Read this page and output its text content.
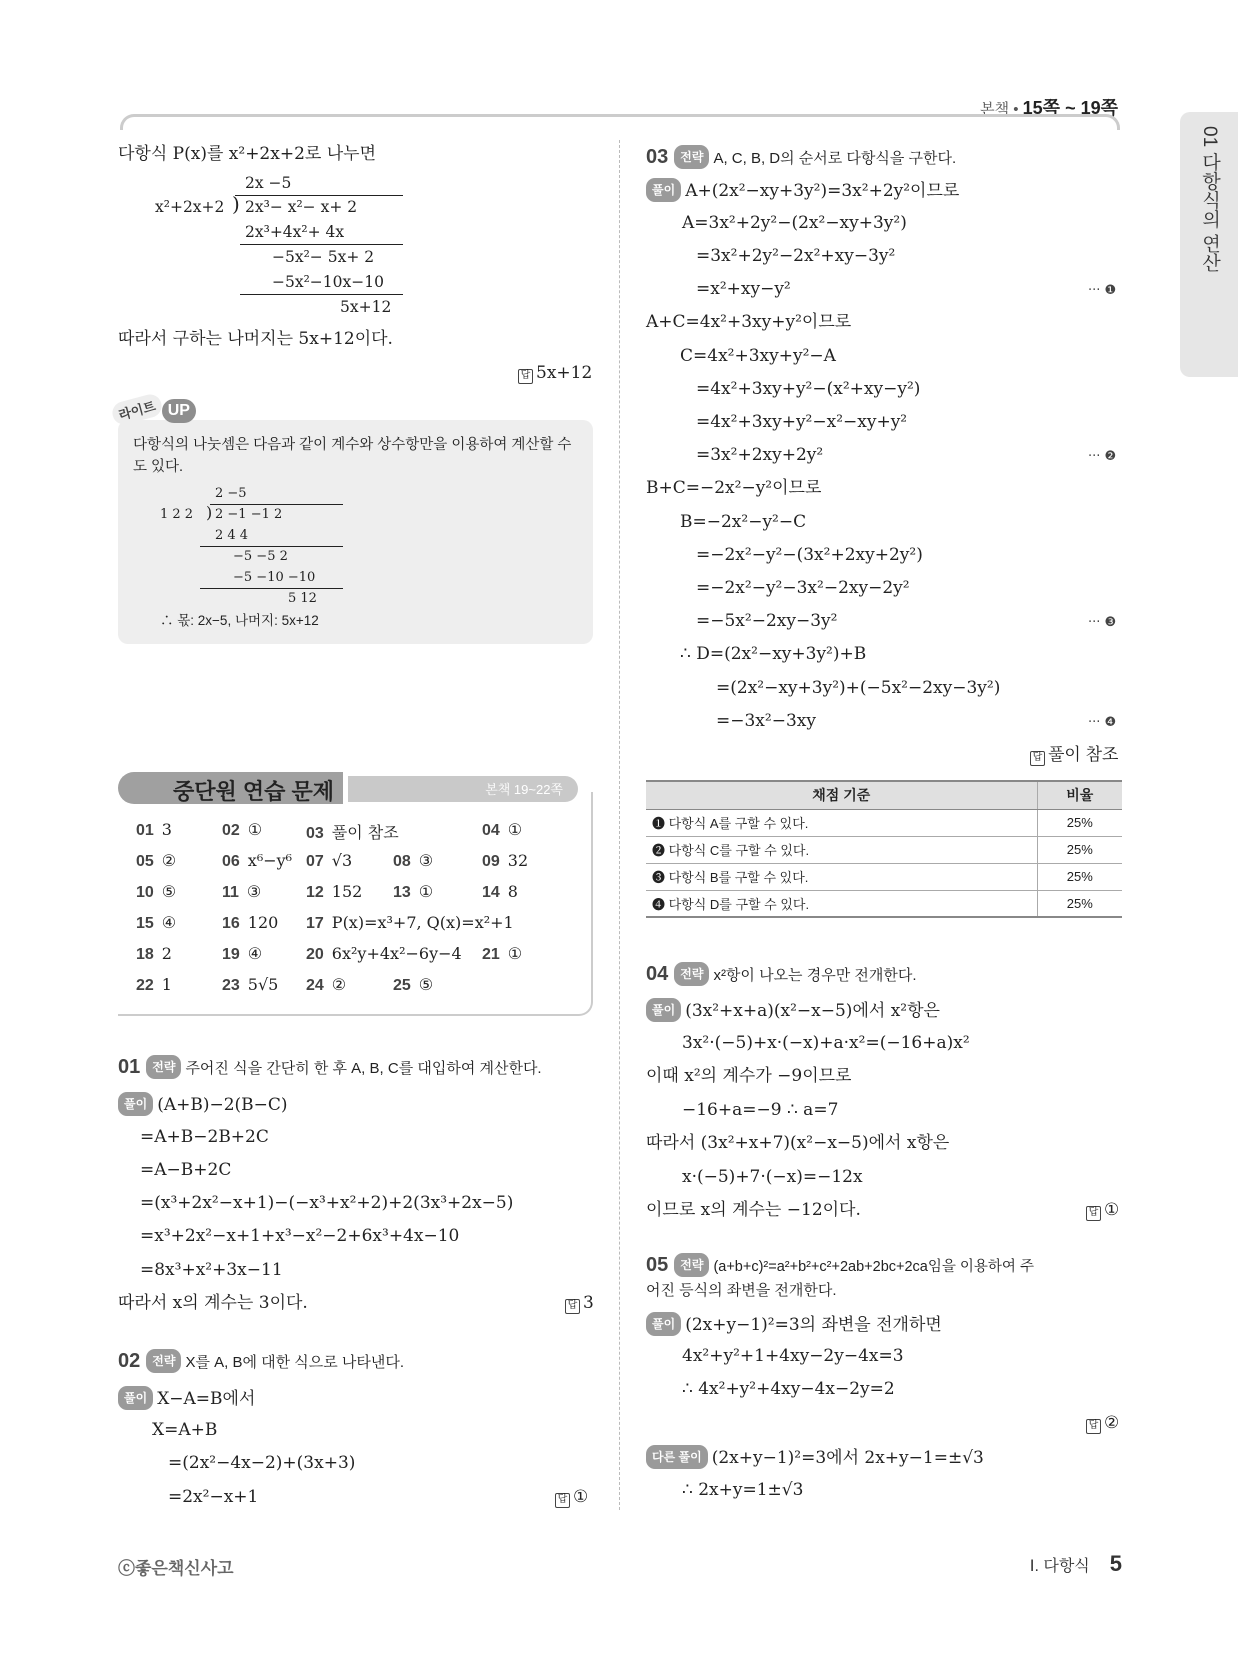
본책 • 15쪽 ~ 19쪽
01 다항식의 연산
다항식 P(x)를 x²+2x+2로 나누면
2x −5
x²+2x+2 ) 2x³− x²− x+ 2
2x³+4x²+ 4x
−5x²− 5x+ 2
−5x²−10x−10
5x+12
따라서 구하는 나머지는 5x+12이다.
답 5x+12
라이트 UP
다항식의 나눗셈은 다음과 같이 계수와 상수항만을 이용하여 계산할 수도 있다.
2 −5
1 2 2 ) 2 −1 −1 2
2 4 4
−5 −5 2
−5 −10 −10
5 12
∴ 몫: 2x−5, 나머지: 5x+12
중단원 연습 문제	본책 19~22쪽
01 3	02 ①	03 풀이 참조	04 ①
05 ②	06 x⁶−y⁶ 07 √3	08 ③	09 32
10 ⑤	11 ③	12 152 13 ①	14 8
15 ④	16 120 17 P(x)=x³+7, Q(x)=x²+1
18 2	19 ④	20 6x²y+4x²−6y−4 21 ①
22 1	23 5√5 24 ②	25 ⑤
01 전략 주어진 식을 간단히 한 후 A, B, C를 대입하여 계산한다.
풀이 (A+B)−2(B−C)
=A+B−2B+2C
=A−B+2C
=(x³+2x²−x+1)−(−x³+x²+2)+2(3x³+2x−5)
=x³+2x²−x+1+x³−x²−2+6x³+4x−10
=8x³+x²+3x−11
따라서 x의 계수는 3이다.	답 3
02 전략 X를 A, B에 대한 식으로 나타낸다.
풀이 X−A=B에서
X=A+B
=(2x²−4x−2)+(3x+3)
=2x²−x+1	답 ①
03 전략 A, C, B, D의 순서로 다항식을 구한다.
풀이 A+(2x²−xy+3y²)=3x²+2y²이므로
A=3x²+2y²−(2x²−xy+3y²)
=3x²+2y²−2x²+xy−3y²
=x²+xy−y²	··· ❶
A+C=4x²+3xy+y²이므로
C=4x²+3xy+y²−A
=4x²+3xy+y²−(x²+xy−y²)
=4x²+3xy+y²−x²−xy+y²
=3x²+2xy+2y²	··· ❷
B+C=−2x²−y²이므로
B=−2x²−y²−C
=−2x²−y²−(3x²+2xy+2y²)
=−2x²−y²−3x²−2xy−2y²
=−5x²−2xy−3y²	··· ❸
∴ D=(2x²−xy+3y²)+B
=(2x²−xy+3y²)+(−5x²−2xy−3y²)
=−3x²−3xy	··· ❹
답 풀이 참조
채점 기준	비율
❶ 다항식 A를 구할 수 있다.	25%
❷ 다항식 C를 구할 수 있다.	25%
❸ 다항식 B를 구할 수 있다.	25%
❹ 다항식 D를 구할 수 있다.	25%
04 전략 x²항이 나오는 경우만 전개한다.
풀이 (3x²+x+a)(x²−x−5)에서 x²항은
3x²·(−5)+x·(−x)+a·x²=(−16+a)x²
이때 x²의 계수가 −9이므로
−16+a=−9 ∴ a=7
따라서 (3x²+x+7)(x²−x−5)에서 x항은
x·(−5)+7·(−x)=−12x
이므로 x의 계수는 −12이다.	답 ①
05 전략 (a+b+c)²=a²+b²+c²+2ab+2bc+2ca임을 이용하여 주
어진 등식의 좌변을 전개한다.
풀이 (2x+y−1)²=3의 좌변을 전개하면
4x²+y²+1+4xy−2y−4x=3
∴ 4x²+y²+4xy−4x−2y=2
답 ②
다른 풀이 (2x+y−1)²=3에서 2x+y−1=±√3
∴ 2x+y=1±√3
ⓒ좋은책신사고	Ⅰ. 다항식 5
